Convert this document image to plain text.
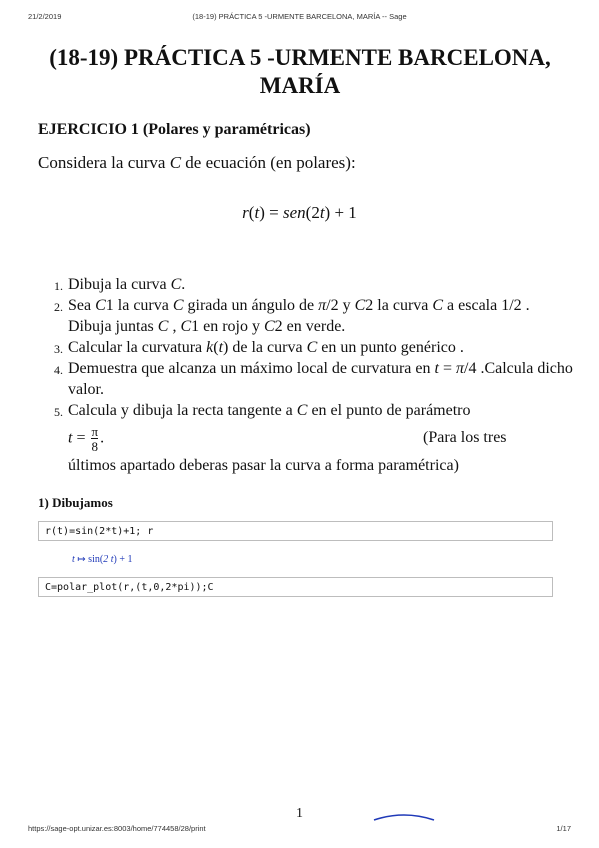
21/2/2019	(18-19) PRÁCTICA 5 -URMENTE BARCELONA, MARÍA -- Sage
(18-19) PRÁCTICA 5 -URMENTE BARCELONA, MARÍA
EJERCICIO 1 (Polares y paramétricas)

Considera la curva C de ecuación (en polares):

r(t) = sen(2t) + 1
1. Dibuja la curva C.
2. Sea C1 la curva C girada un ángulo de π/2 y C2 la curva C a escala 1/2 . Dibuja juntas C , C1 en rojo y C2 en verde.
3. Calcular la curvatura k(t) de la curva C en un punto genérico .
4. Demuestra que alcanza un máximo local de curvatura en t = π/4 .Calcula dicho valor.
5. Calcula y dibuja la recta tangente a C en el punto de parámetro
$t = \frac{\pi}{8}$ .	(Para los tres
últimos apartado deberas pasar la curva a forma paramétrica)
1) Dibujamos
r(t)=sin(2*t)+1; r
t ↦ sin(2 t) + 1
C=polar_plot(r,(t,0,2*pi));C
1
https://sage-opt.unizar.es:8003/home/774458/28/print	1/17
